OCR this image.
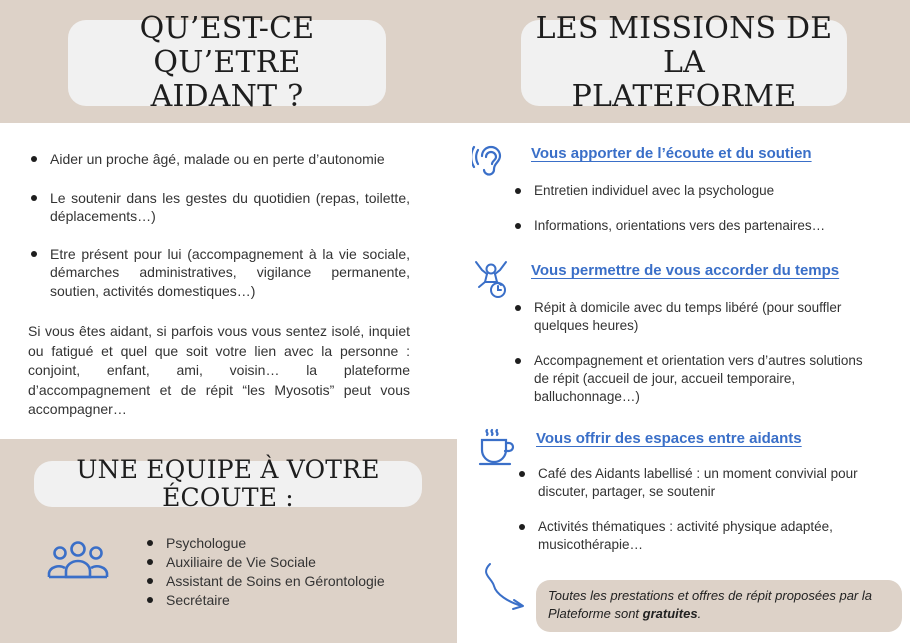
QU’EST-CE QU’ETRE
AIDANT ?
LES MISSIONS DE LA
PLATEFORME
Aider un proche âgé, malade ou en perte d’autonomie
Le soutenir dans les gestes du quotidien (repas, toilette, déplacements…)
Etre présent pour lui (accompagnement à la vie sociale, démarches administratives, vigilance permanente, soutien, activités domestiques…)

Si vous êtes aidant, si parfois vous vous sentez isolé, inquiet ou fatigué et quel que soit votre lien avec la personne : conjoint, enfant, ami, voisin… la plateforme d’accompagnement et de répit “les Myosotis” peut vous accompagner…

UNE EQUIPE À VOTRE ÉCOUTE :
Psychologue
Auxiliaire de Vie Sociale
Assistant de Soins en Gérontologie
Secrétaire
Vous apporter de l’écoute et du soutien
Entretien individuel avec la psychologue
Informations, orientations vers des partenaires…
Vous permettre de vous accorder du temps
Répit à domicile avec du temps libéré (pour souffler quelques heures)
Accompagnement et orientation vers d’autres solutions de répit (accueil de jour, accueil temporaire, balluchonnage…)
Vous offrir des espaces entre aidants
Café des Aidants labellisé : un moment convivial pour discuter, partager, se soutenir
Activités thématiques : activité physique adaptée, musicothérapie…
Toutes les prestations et offres de répit proposées par la Plateforme sont gratuites.
